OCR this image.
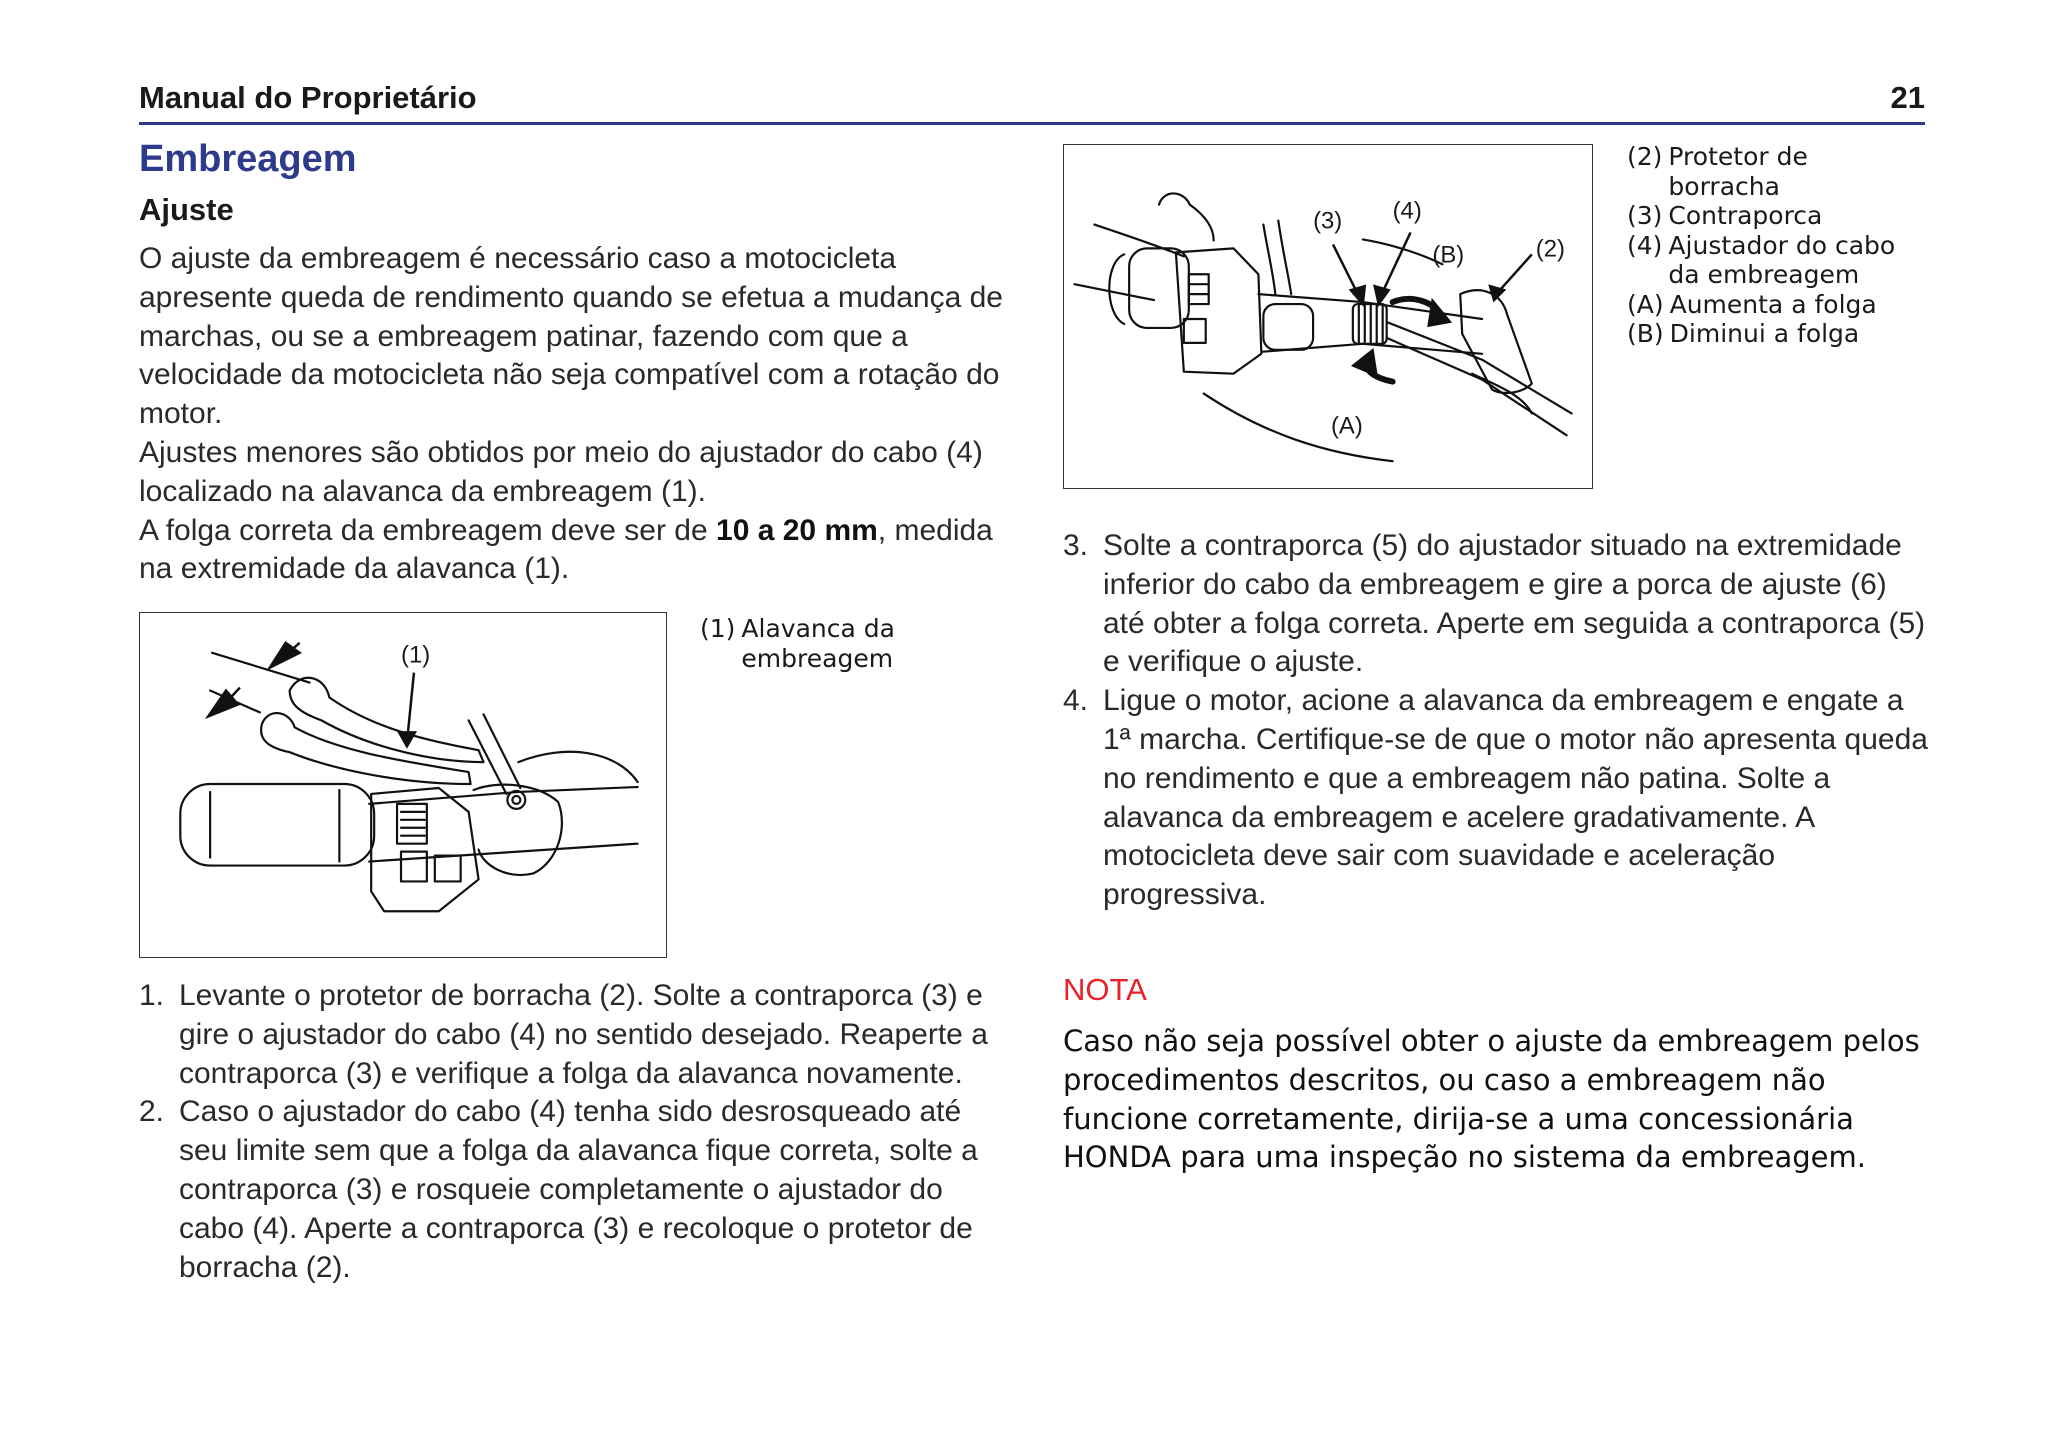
Manual do Proprietário	21
Embreagem
Ajuste

O ajuste da embreagem é necessário caso a motocicleta apresente queda de rendimento quando se efetua a mudança de marchas, ou se a embreagem patinar, fazendo com que a velocidade da motocicleta não seja compatível com a rotação do motor.

Ajustes menores são obtidos por meio do ajustador do cabo (4) localizado na alavanca da embreagem (1).

A folga correta da embreagem deve ser de 10 a 20 mm, medida na extremidade da alavanca (1).

(1)
(1) Alavanca da embreagem
(3) (4)
(B)	(2)
(A)
(2) Protetor de borracha
(3) Contraporca
(4) Ajustador do cabo da embreagem
(A) Aumenta a folga
(B) Diminui a folga
1. Levante o protetor de borracha (2). Solte a contraporca (3) e gire o ajustador do cabo (4) no sentido desejado. Reaperte a contraporca (3) e verifique a folga da alavanca novamente.
2. Caso o ajustador do cabo (4) tenha sido desrosqueado até seu limite sem que a folga da alavanca fique correta, solte a contraporca (3) e rosqueie completamente o ajustador do cabo (4). Aperte a contraporca (3) e recoloque o protetor de borracha (2).
3. Solte a contraporca (5) do ajustador situado na extremidade inferior do cabo da embreagem e gire a porca de ajuste (6) até obter a folga correta. Aperte em seguida a contraporca (5) e verifique o ajuste.
4. Ligue o motor, acione a alavanca da embreagem e engate a 1ª marcha. Certifique-se de que o motor não apresenta queda no rendimento e que a embreagem não patina. Solte a alavanca da embreagem e acelere gradativamente. A motocicleta deve sair com suavidade e aceleração progressiva.
NOTA
Caso não seja possível obter o ajuste da embreagem pelos procedimentos descritos, ou caso a embreagem não funcione corretamente, dirija-se a uma concessionária HONDA para uma inspeção no sistema da embreagem.
